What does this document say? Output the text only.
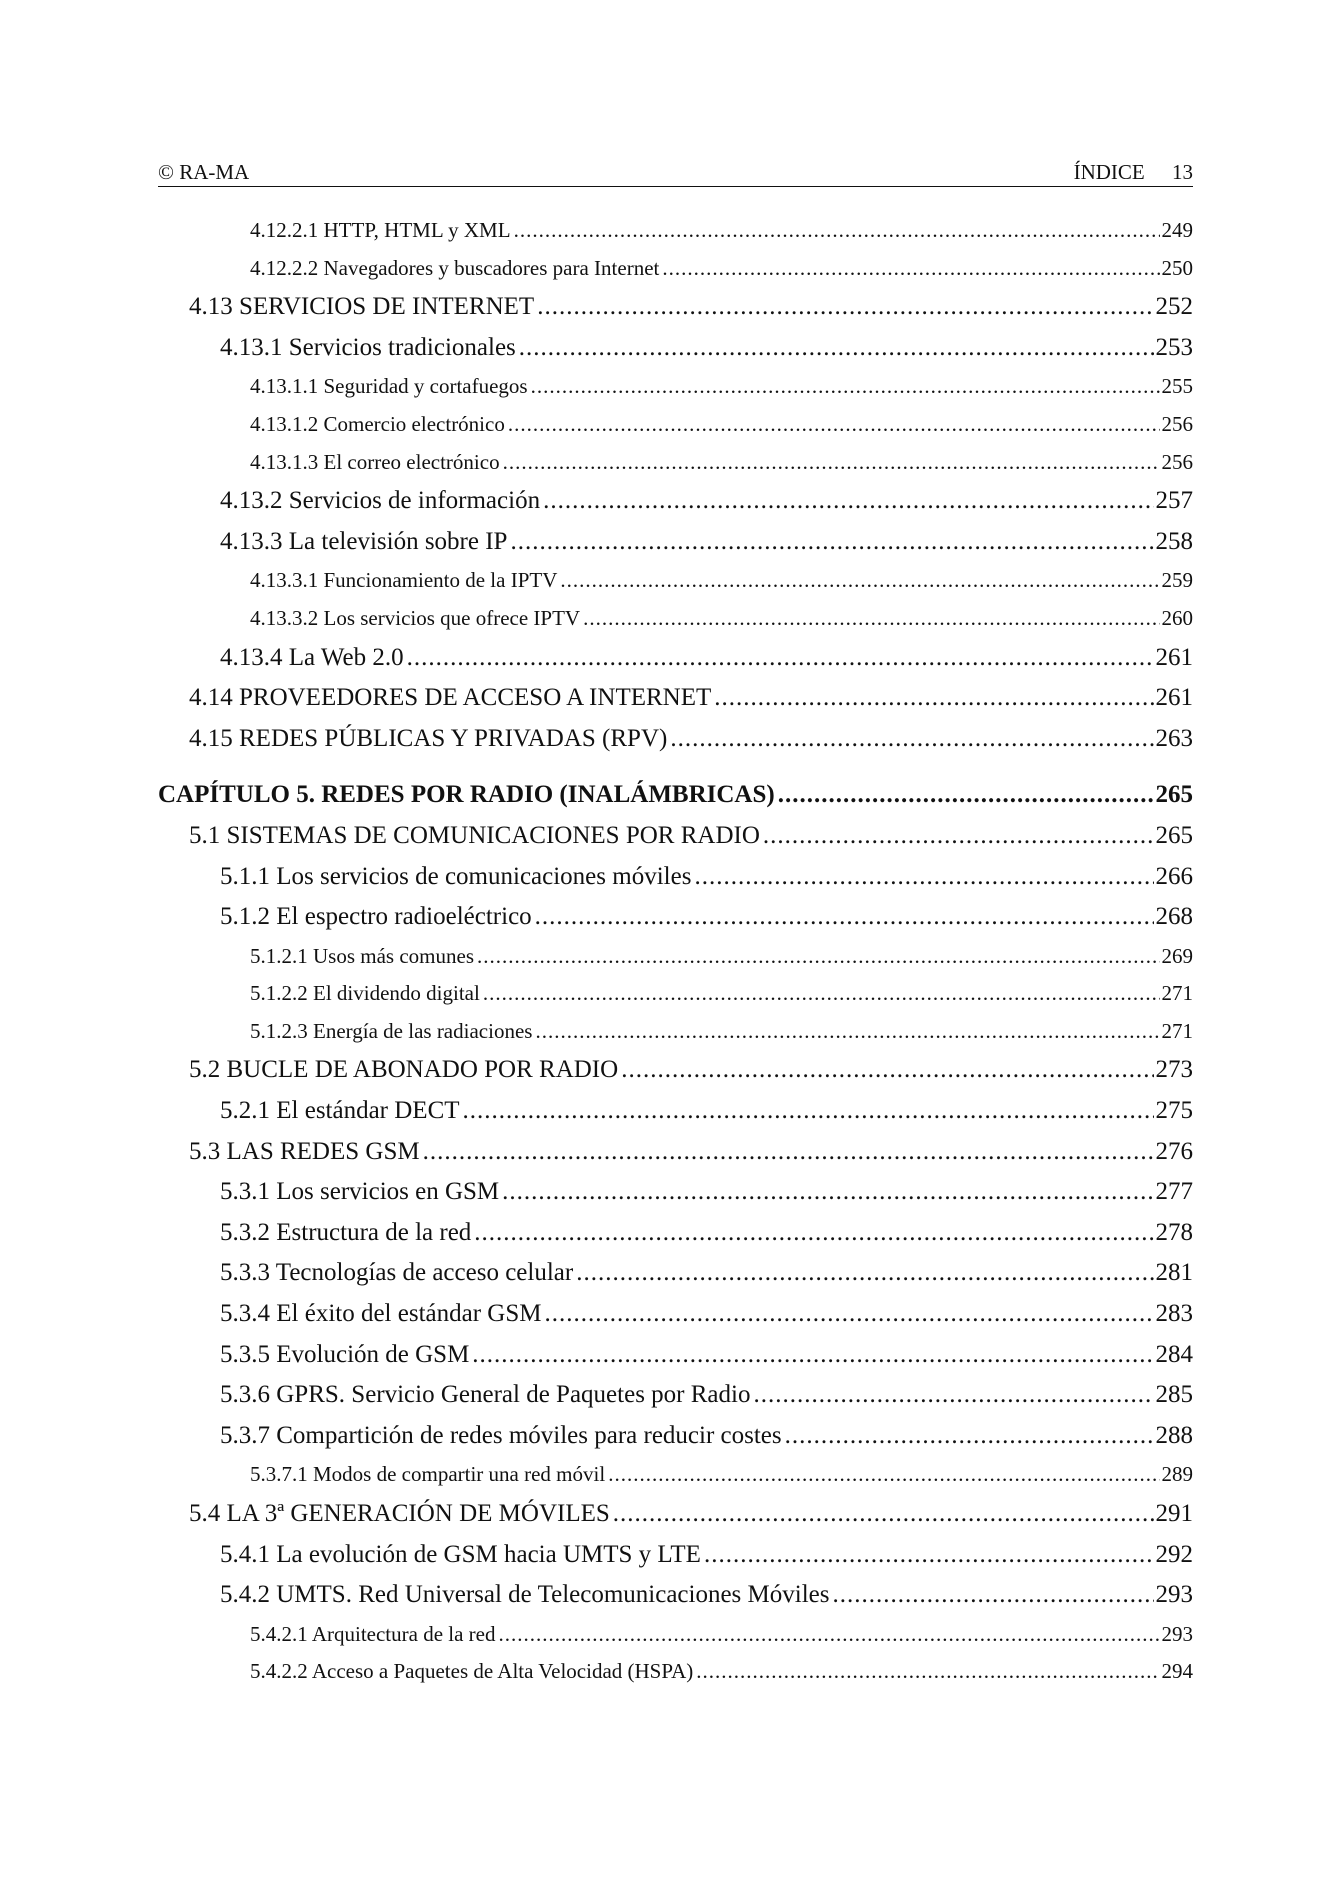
© RA-MA	ÍNDICE 13
4.12.2.1 HTTP, HTML y XML .....	249
4.12.2.2 Navegadores y buscadores para Internet .....	250
4.13 SERVICIOS DE INTERNET .....	252
4.13.1 Servicios tradicionales .....	253
4.13.1.1 Seguridad y cortafuegos .....	255
4.13.1.2 Comercio electrónico .....	256
4.13.1.3 El correo electrónico .....	256
4.13.2 Servicios de información .....	257
4.13.3 La televisión sobre IP .....	258
4.13.3.1 Funcionamiento de la IPTV .....	259
4.13.3.2 Los servicios que ofrece IPTV .....	260
4.13.4 La Web 2.0 .....	261
4.14 PROVEEDORES DE ACCESO A INTERNET .....	261
4.15 REDES PÚBLICAS Y PRIVADAS (RPV) .....	263
CAPÍTULO 5. REDES POR RADIO (INALÁMBRICAS) .....	265
5.1 SISTEMAS DE COMUNICACIONES POR RADIO .....	265
5.1.1 Los servicios de comunicaciones móviles .....	266
5.1.2 El espectro radioeléctrico .....	268
5.1.2.1 Usos más comunes .....	269
5.1.2.2 El dividendo digital .....	271
5.1.2.3 Energía de las radiaciones .....	271
5.2 BUCLE DE ABONADO POR RADIO .....	273
5.2.1 El estándar DECT .....	275
5.3 LAS REDES GSM .....	276
5.3.1 Los servicios en GSM .....	277
5.3.2 Estructura de la red .....	278
5.3.3 Tecnologías de acceso celular .....	281
5.3.4 El éxito del estándar GSM .....	283
5.3.5 Evolución de GSM .....	284
5.3.6 GPRS. Servicio General de Paquetes por Radio .....	285
5.3.7 Compartición de redes móviles para reducir costes .....	288
5.3.7.1 Modos de compartir una red móvil .....	289
5.4 LA 3ª GENERACIÓN DE MÓVILES .....	291
5.4.1 La evolución de GSM hacia UMTS y LTE .....	292
5.4.2 UMTS. Red Universal de Telecomunicaciones Móviles .....	293
5.4.2.1 Arquitectura de la red .....	293
5.4.2.2 Acceso a Paquetes de Alta Velocidad (HSPA) .....	294
